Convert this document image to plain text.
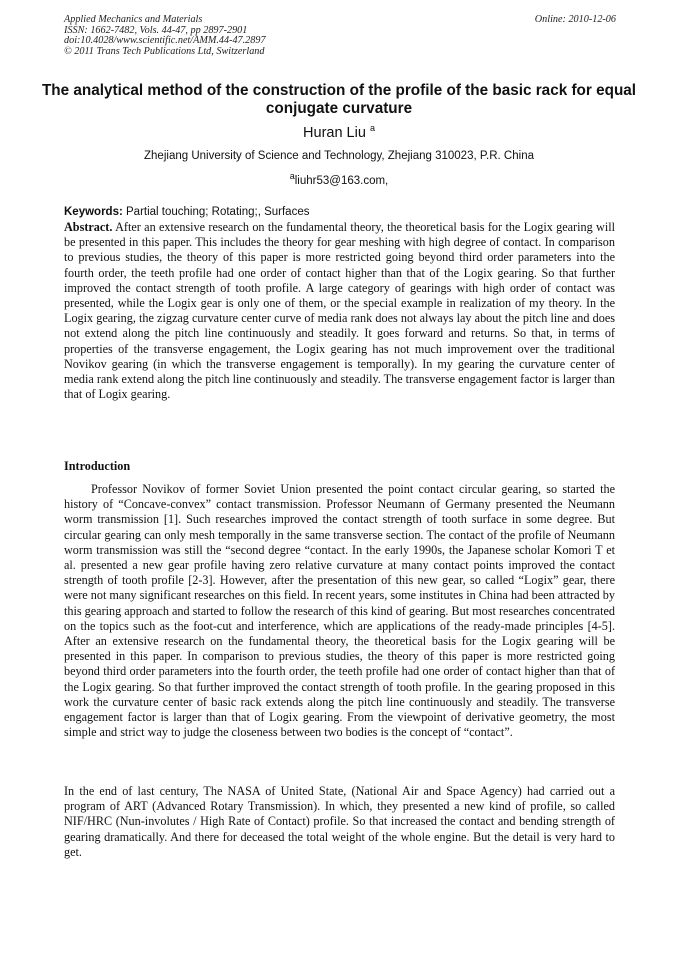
Applied Mechanics and Materials	Online: 2010-12-06
ISSN: 1662-7482, Vols. 44-47, pp 2897-2901
doi:10.4028/www.scientific.net/AMM.44-47.2897
© 2011 Trans Tech Publications Ltd, Switzerland
The analytical method of the construction of the profile of the basic rack for equal conjugate curvature
Huran Liu $^a$
Zhejiang University of Science and Technology, Zhejiang 310023, P.R. China
$^a$liuhr53@163.com,
Keywords: Partial touching; Rotating;, Surfaces
Abstract. After an extensive research on the fundamental theory, the theoretical basis for the Logix gearing will be presented in this paper. This includes the theory for gear meshing with high degree of contact. In comparison to previous studies, the theory of this paper is more restricted going beyond third order parameters into the fourth order, the teeth profile had one order of contact higher than that of the Logix gearing. So that further improved the contact strength of tooth profile. A large category of gearings with high order of contact was presented, while the Logix gear is only one of them, or the special example in realization of my theory. In the Logix gearing, the zigzag curvature center curve of media rank does not always lay about the pitch line and does not extend along the pitch line continuously and steadily. It goes forward and returns. So that, in terms of properties of the transverse engagement, the Logix gearing has not much improvement over the traditional Novikov gearing (in which the transverse engagement is temporally). In my gearing the curvature center of media rank extend along the pitch line continuously and steadily. The transverse engagement factor is larger than that of Logix gearing.
Introduction
Professor Novikov of former Soviet Union presented the point contact circular gearing, so started the history of “Concave-convex” contact transmission. Professor Neumann of Germany presented the Neumann worm transmission [1]. Such researches improved the contact strength of tooth surface in some degree. But circular gearing can only mesh temporally in the same transverse section. The contact of the profile of Neumann worm transmission was still the “second degree “contact. In the early 1990s, the Japanese scholar Komori T et al. presented a new gear profile having zero relative curvature at many contact points improved the contact strength of tooth profile [2-3]. However, after the presentation of this new gear, so called “Logix” gear, there were not many significant researches on this field. In recent years, some institutes in China had been attracted by this gearing approach and started to follow the research of this kind of gearing. But most researches concentrated on the topics such as the foot-cut and interference, which are applications of the ready-made principles [4-5]. After an extensive research on the fundamental theory, the theoretical basis for the Logix gearing will be presented in this paper. In comparison to previous studies, the theory of this paper is more restricted going beyond third order parameters into the fourth order, the teeth profile had one order of contact higher than that of the Logix gearing. So that further improved the contact strength of tooth profile. In the gearing proposed in this work the curvature center of basic rack extends along the pitch line continuously and steadily. The transverse engagement factor is larger than that of Logix gearing. From the viewpoint of derivative geometry, the most simple and strict way to judge the closeness between two bodies is the concept of “contact”.
In the end of last century, The NASA of United State, (National Air and Space Agency) had carried out a program of ART (Advanced Rotary Transmission). In which, they presented a new kind of profile, so called NIF/HRC (Nun-involutes / High Rate of Contact) profile. So that increased the contact and bending strength of gearing dramatically. And there for deceased the total weight of the whole engine. But the detail is very hard to get.
